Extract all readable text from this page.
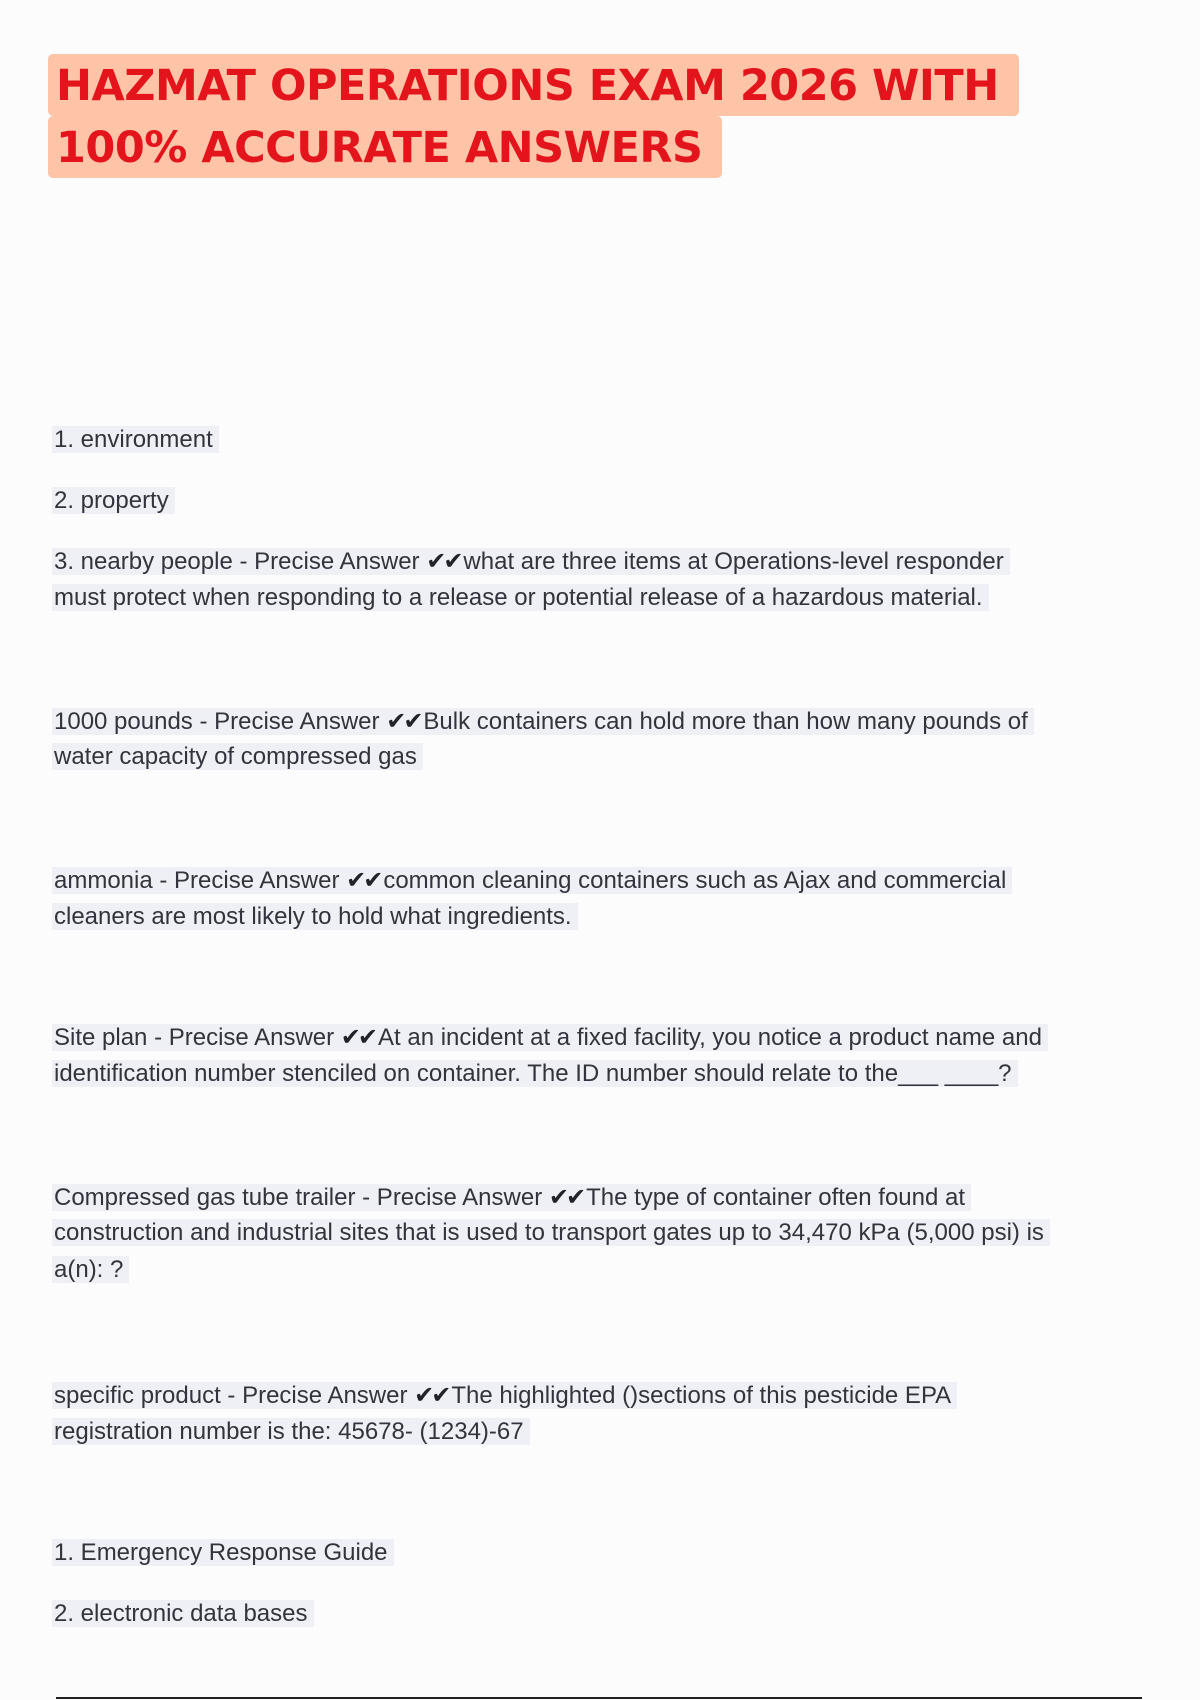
HAZMAT OPERATIONS EXAM 2026 WITH
100% ACCURATE ANSWERS
1. environment
2. property
3. nearby people - Precise Answer ✔✔ what are three items at Operations-level responder
must protect when responding to a release or potential release of a hazardous material.
1000 pounds - Precise Answer ✔✔ Bulk containers can hold more than how many pounds of
water capacity of compressed gas
ammonia - Precise Answer ✔✔ common cleaning containers such as Ajax and commercial
cleaners are most likely to hold what ingredients.
Site plan - Precise Answer ✔✔ At an incident at a fixed facility, you notice a product name and
identification number stenciled on container. The ID number should relate to the___ ____?
Compressed gas tube trailer - Precise Answer ✔✔ The type of container often found at
construction and industrial sites that is used to transport gates up to 34,470 kPa (5,000 psi) is
a(n): ?
specific product - Precise Answer ✔✔ The highlighted ()sections of this pesticide EPA
registration number is the: 45678- (1234)-67
1. Emergency Response Guide
2. electronic data bases
